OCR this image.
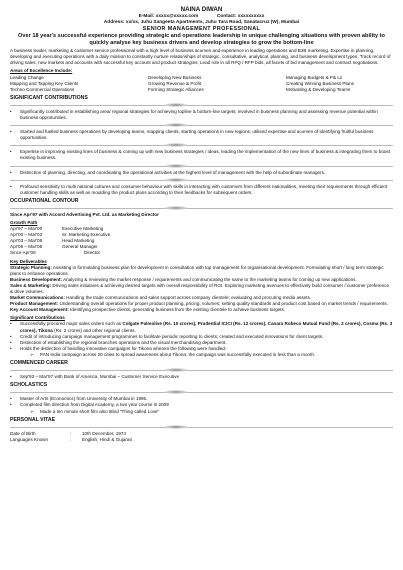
NAINA DIWAN
E-Mail: xxxxx@xxxxx.com	Contact: xxxxxxxxxx
Address: xx/xx, Juhu Sangeeta Apartments, Juhu Tara Road, Sanatacruz (W), Mumbai
SENIOR MANAGEMENT PROFESSIONAL
Over 18 year's successful experience providing strategic and operations leadership in unique challenging situations with proven ability to quickly analyse key business drivers and develop strategies to grow the bottom-line
A business leader, marketing & customer service professional with a high level of business acumen and experience in leading operations and B2B marketing. Expertise in planning, developing and executing operations with a daily mission to constantly nurture relationships of strategic, consultative, analytical, planning, and business development types. Track record of driving sales, new markets and accounts with successful key account and product strategies; Lead role in all RFQ / RFP bids, all facets of bid management and contract negotiations.
Areas of Excellence Include:
Leading Change	Developing New Business	Managing Budgets & P& Ls
Mapping and Tapping Key Clients	Growing Revenue & Profit	Creating Winning Business Plans
Techno Commercial Operations	Forming Strategic Alliances	Motivating & Developing Teams
SIGNIFICANT CONTRIBUTIONS
•	Significantly contributed in establishing area/ regional strategies for achieving topline & bottom-line targets; involved in business planning and assessing revenue potential within business opportunities.
•	Started and fuelled business operations by developing teams, mapping clients, starting operations in new regions; utilised expertise and acumen of identifying fruitful business opportunities.
•	Expertise in improving existing lines of business & coming up with new business strategies / ideas, leading the implementation of the new lines of business & integrating them to boost existing business.
•	Distinction of planning, directing, and coordinating the operational activities at the highest level of management with the help of subordinate managers.
•	Profound sensitivity to multi national cultures and consumer behaviour with skills in interacting with customers from different nationalities, meeting their requirements through efficient customer handling skills as well as moulding the product plans according to their feedbacks for subsequent orders.
OCCUPATIONAL CONTOUR
Since Apr'97 with Accord Advertising Pvt. Ltd. as Marketing Director
Growth Path
Apr'97 – Mar'00	Executive Marketing
Apr'00 – Mar'03	Sr. Marketing Executive
Apr'03 – Mar'05	Head Marketing
Apr'05 – Mar'08	General Manager
Since Apr'08	Director
Key Deliverables
Strategic Planning: Assisting in formulating business plan for development in consultation with top management for organisational development. Formulating short / long term strategic plans to enhance operations.
Business Development: Analyzing & reviewing the market response / requirements and communicating the same to the marketing teams for coming up new applications.
Sales & Marketing: Driving sales initiatives & achieving desired targets with overall responsibility of ROI. Exploring marketing avenues to effectively build consumer / customer preference & drive volumes.
Market Communications: Handling the trade communications and sales support across company clientele; evaluating and procuring media assets.
Product Management: Understanding overall operations for proper product planning, pricing, volumes; setting quality standards and product cost based on market trends / requirements.
Key Account Management: Identifying prospective clients, generating business from the existing clientele to achieve business targets.
Significant Contributions
•	Successfully procured major sales orders such as Colgate Palmolive (Rs. 10 crores), Prudential ICICI (Rs. 12 crores), Canara Robeco Mutual Fund (Rs. 2 crores), Cosma (Rs. 3 crores), Tikona (Rs. 2 crores) and other regional clients.
•	Credit of introducing campaign management programmes to facilitate periodic reporting to clients; created and executed innovations for client targets.
•	Distinction of establishing the regional branches operations and the visual merchandising department.
•	Holds the distinction of handling innovative campaigns for Tikona wherein the following were handled:
➢	PAN India campaign across 20 cities to spread awareness about Tikona; the campaign was successfully executed in less than a month.
COMMENCED CAREER
•	Sep'93 – Mar'97 with Bank of America, Mumbai – Customer Service Executive
SCHOLASTICS
•	Master of Arts (Economics) from University of Mumbai in 1995.
•	Completed film direction from Digital Academy, a two year course in 2009
➢	Made a ten minute short film also titled "Thing called Love"
PERSONAL VITAE
Date of Birth	:	10th December, 1974
Languages Known	:	English, Hindi & Gujarati
